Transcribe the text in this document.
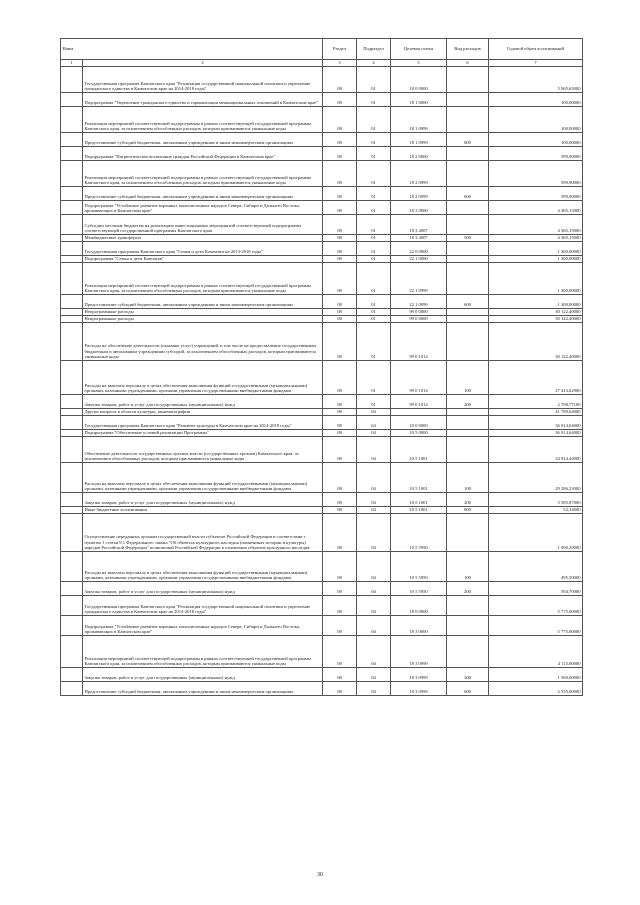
Наим		Раздел	Подраздел	Целевая статья	Вид расходов	Годовой объем ассигнований
1	2	3	4	5	6	7
	Государственная программа Камчатского края "Реализация государственной национальной политики и укрепление гражданского единства в Камчатском крае на 2014-2018 годы"	08	01	18 0 0000		5 065,65000
	Подпрограмма "Укрепление гражданского единства и гармонизация межнациональных отношений в Камчатском крае"	08	01	18 1 0000		100,00000
	Реализация мероприятий соответствующей подпрограммы в рамках соответствующей государственной программы Камчатского края, за исключением обособленных расходов, которым присваиваются уникальные коды	08	01	18 1 0999		100,00000
	Предоставление субсидий бюджетным, автономным учреждениям и иным некоммерческим организациям	08	01	18 1 0999	600	100,00000
	Подпрограмма "Патриотическое воспитание граждан Российской Федерации в Камчатском крае"	08	01	18 2 0000		599,90000
	Реализация мероприятий соответствующей подпрограммы в рамках соответствующей государственной программы Камчатского края, за исключением обособленных расходов, которым присваиваются уникальные коды	08	01	18 2 0999		599,90000
	Предоставление субсидий бюджетным, автономным учреждениям и иным некоммерческим организациям	08	01	18 2 0999	600	599,90000
	Подпрограмма "Устойчивое развитие коренных малочисленных народов Севера, Сибири и Дальнего Востока, проживающих в Камчатском крае"	08	01	18 3 0000		4 365,15000
	Субсидии местным бюджетам на реализацию инвестиционных мероприятий соответствующей подпрограммы соответствующей государственной программы Камчатского края	08	01	18 3 4007		4 365,15000
	Межбюджетные трансферты	08	01	18 3 4007	500	4 365,15000
	Государственная программа Камчатского края "Семья и дети Камчатки на 2013-2018 годы"	08	01	22 0 0000		1 300,00000
	Подпрограмма "Семья и дети Камчатки"	08	01	22 1 0000		1 300,00000
	Реализация мероприятий соответствующей подпрограммы в рамках соответствующей государственной программы Камчатского края, за исключением обособленных расходов, которым присваиваются уникальные коды	08	01	22 1 0999		1 300,00000
	Предоставление субсидий бюджетным, автономным учреждениям и иным некоммерческим организациям	08	01	22 1 0999	600	1 300,00000
	Непрограммные расходы	08	01	99 0 0000		30 122,40000
	Непрограммные расходы	08	01	99 0 0000		30 122,40000
	Расходы на обеспечение деятельности (оказание услуг) учреждений, в том числе на предоставление государственным бюджетным и автономным учреждениям субсидий, за исключением обособленных расходов, которым присваиваются уникальные коды	08	01	99 0 1014		30 122,40000
	Расходы на выплаты персоналу в целях обеспечения выполнения функций государственными (муниципальными) органами, казенными учреждениями, органами управления государственными внебюджетными фондами	08	01	99 0 1014	100	27 413,62900
	Закупка товаров, работ и услуг для государственных (муниципальных) нужд	08	01	99 0 1014	200	2 708,77100
	Другие вопросы в области культуры, кинематографии	08	04			41 789,64000
	Государственная программа Камчатского края "Развитие культуры в Камчатском крае на 2014-2018 годы"	08	04	10 0 0000		36 014,64000
	Подпрограмма "Обеспечение условий реализации Программы"	08	04	10 5 0000		36 014,64000
	Обеспечение деятельности государственных органов власти (государственных органов) Камчатского края, за исключением обособленных расходов, которым присваиваются уникальные коды	08	04	10 5 1001		34 924,44000
	Расходы на выплаты персоналу в целях обеспечения выполнения функций государственными (муниципальными) органами, казенными учреждениями, органами управления государственными внебюджетными фондами	08	04	10 5 1001	100	29 286,23000
	Закупка товаров, работ и услуг для государственных (муниципальных) нужд	08	04	10 5 1001	200	5 585,87000
	Иные бюджетные ассигнования	08	04	10 5 1001	800	52,34000
	Осуществление переданных органам государственной власти субъектов Российской Федерации в соответствии с пунктом 1 статьи 9.1 Федерального закона "Об объектах культурного наследия (памятниках истории и культуры) народов Российской Федерации" полномочий Российской Федерации в отношении объектов культурного наследия	08	04	10 5 5950		1 090,20000
	Расходы на выплаты персоналу в целях обеспечения выполнения функций государственными (муниципальными) органами, казенными учреждениями, органами управления государственными внебюджетными фондами	08	04	10 5 5950	100	495,50000
	Закупка товаров, работ и услуг для государственных (муниципальных) нужд	08	04	10 5 5950	200	594,70000
	Государственная программа Камчатского края "Реализация государственной национальной политики и укрепление гражданского единства в Камчатском крае на 2014-2018 годы"	08	04	18 0 0000		5 775,00000
	Подпрограмма "Устойчивое развитие коренных малочисленных народов Севера, Сибири и Дальнего Востока, проживающих в Камчатском крае"	08	04	18 3 0000		5 775,00000
	Реализация мероприятий соответствующей подпрограммы в рамках соответствующей государственной программы Камчатского края, за исключением обособленных расходов, которым присваиваются уникальные коды	08	04	18 3 0999		4 115,00000
	Закупка товаров, работ и услуг для государственных (муниципальных) нужд	08	04	18 3 0999	200	1 560,00000
	Предоставление субсидий бюджетным, автономным учреждениям и иным некоммерческим организациям	08	04	18 3 0999	600	2 555,00000
30
